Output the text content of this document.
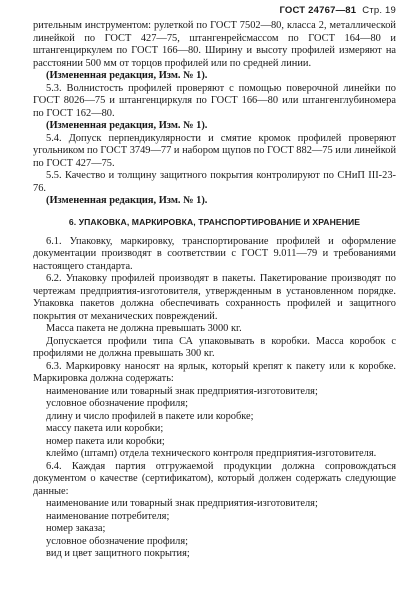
ГОСТ 24767—81 Стр. 19

рительным инструментом: рулеткой по ГОСТ 7502—80, класса 2, металлической линейкой по ГОСТ 427—75, штангенрейсмассом по ГОСТ 164—80 и штангенциркулем по ГОСТ 166—80. Ширину и высоту профилей измеряют на расстоянии 500 мм от торцов профилей или по средней линии.

(Измененная редакция, Изм. № 1).

5.3. Волнистость профилей проверяют с помощью поверочной линейки по ГОСТ 8026—75 и штангенциркуля по ГОСТ 166—80 или штангенглубиномера по ГОСТ 162—80.

(Измененная редакция, Изм. № 1).

5.4. Допуск перпендикулярности и смятие кромок профилей проверяют угольником по ГОСТ 3749—77 и набором щупов по ГОСТ 882—75 или линейкой по ГОСТ 427—75.

5.5. Качество и толщину защитного покрытия контролируют по СНиП III-23-76.

(Измененная редакция, Изм. № 1).

6. УПАКОВКА, МАРКИРОВКА, ТРАНСПОРТИРОВАНИЕ И ХРАНЕНИЕ

6.1. Упаковку, маркировку, транспортирование профилей и оформление документации производят в соответствии с ГОСТ 9.011—79 и требованиями настоящего стандарта.

6.2. Упаковку профилей производят в пакеты. Пакетирование производят по чертежам предприятия-изготовителя, утвержденным в установленном порядке. Упаковка пакетов должна обеспечивать сохранность профилей и защитного покрытия от механических повреждений.

Масса пакета не должна превышать 3000 кг.

Допускается профили типа СА упаковывать в коробки. Масса коробок с профилями не должна превышать 300 кг.

6.3. Маркировку наносят на ярлык, который крепят к пакету или к коробке. Маркировка должна содержать:

наименование или товарный знак предприятия-изготовителя;

условное обозначение профиля;

длину и число профилей в пакете или коробке;

массу пакета или коробки;

номер пакета или коробки;

клеймо (штамп) отдела технического контроля предприятия-изготовителя.

6.4. Каждая партия отгружаемой продукции должна сопровождаться документом о качестве (сертификатом), который должен содержать следующие данные:

наименование или товарный знак предприятия-изготовителя;

наименование потребителя;

номер заказа;

условное обозначение профиля;

вид и цвет защитного покрытия;
